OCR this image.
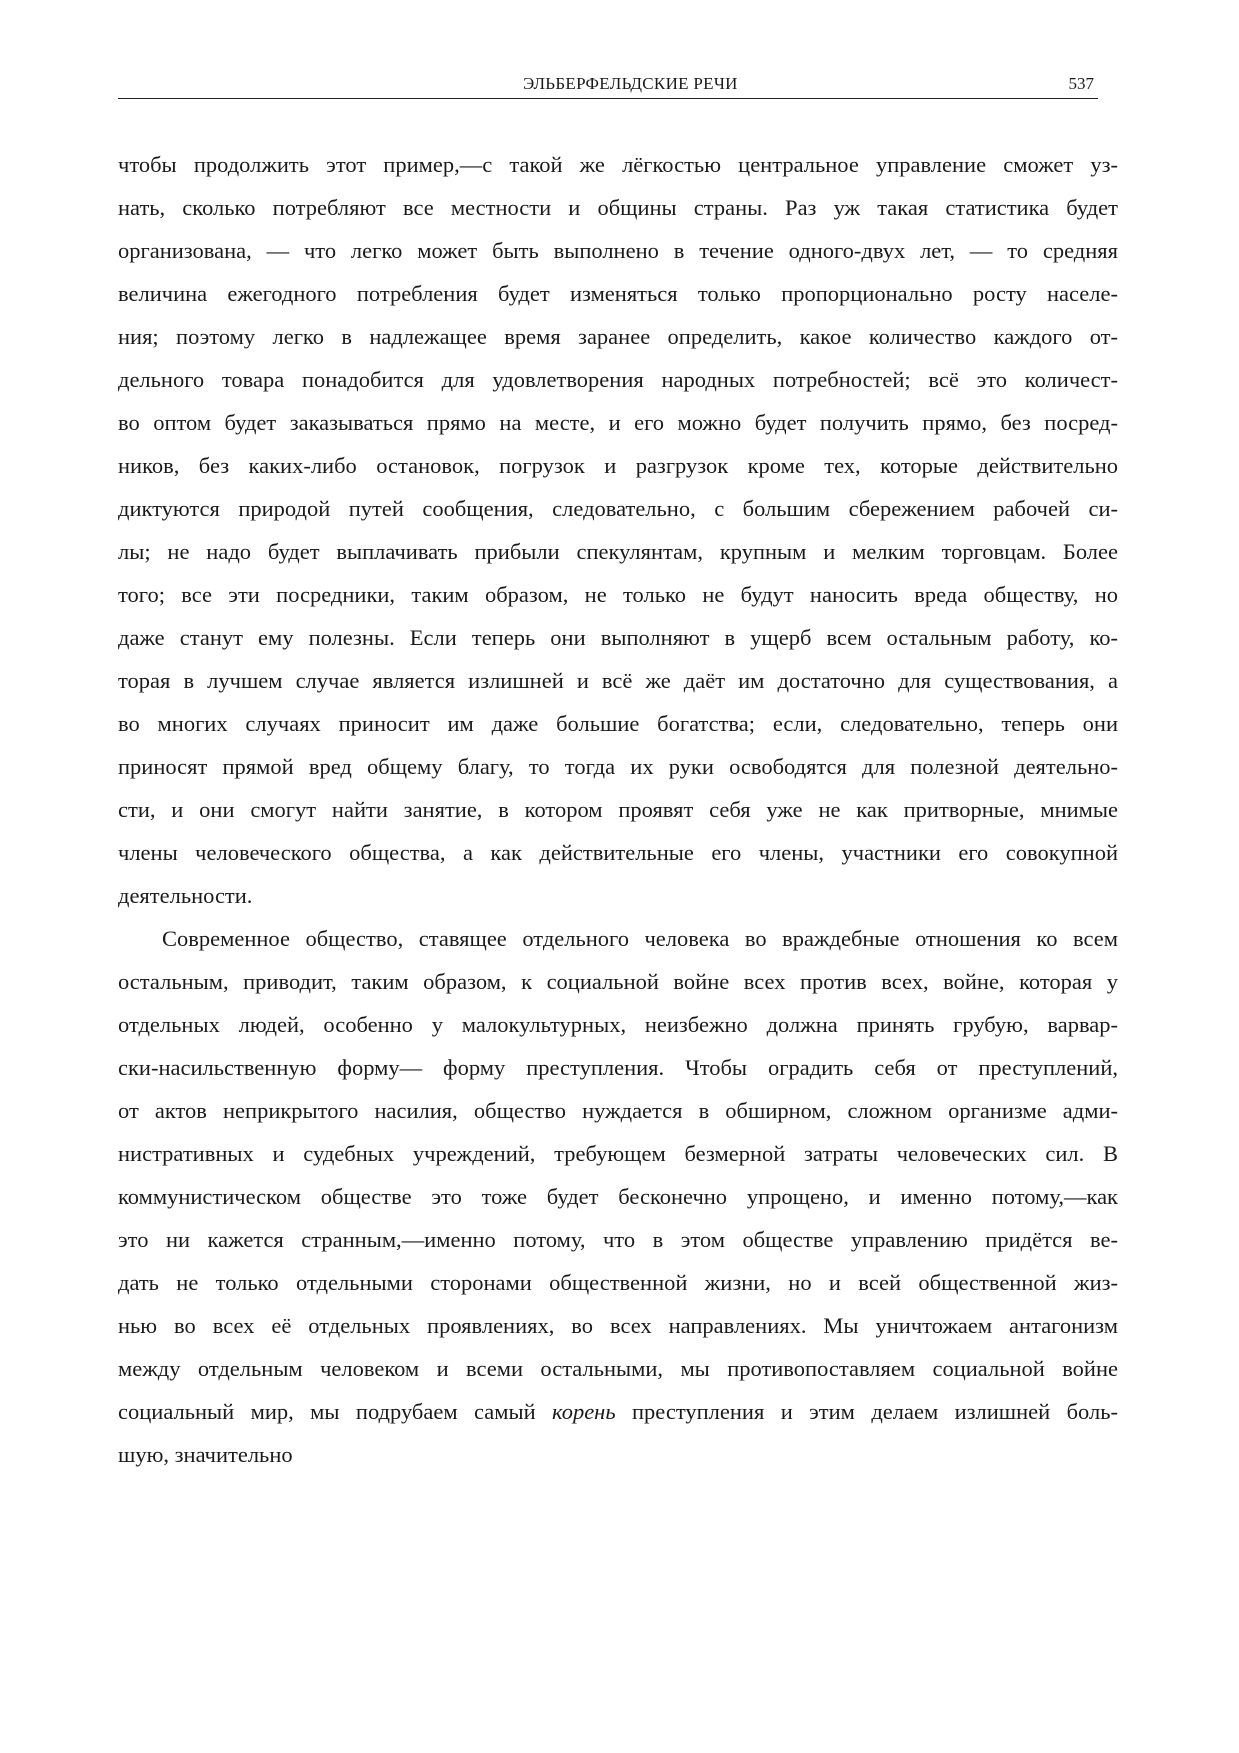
ЭЛЬБЕРФЕЛЬДСКИЕ РЕЧИ	537
чтобы продолжить этот пример,—с такой же лёгкостью центральное управление сможет уз-
нать, сколько потребляют все местности и общины страны. Раз уж такая статистика будет
организована, — что легко может быть выполнено в течение одного-двух лет, — то средняя
величина ежегодного потребления будет изменяться только пропорционально росту населе-
ния; поэтому легко в надлежащее время заранее определить, какое количество каждого от-
дельного товара понадобится для удовлетворения народных потребностей; всё это количест-
во оптом будет заказываться прямо на месте, и его можно будет получить прямо, без посред-
ников, без каких-либо остановок, погрузок и разгрузок кроме тех, которые действительно
диктуются природой путей сообщения, следовательно, с большим сбережением рабочей си-
лы; не надо будет выплачивать прибыли спекулянтам, крупным и мелким торговцам. Более
того; все эти посредники, таким образом, не только не будут наносить вреда обществу, но
даже станут ему полезны. Если теперь они выполняют в ущерб всем остальным работу, ко-
торая в лучшем случае является излишней и всё же даёт им достаточно для существования, а
во многих случаях приносит им даже большие богатства; если, следовательно, теперь они
приносят прямой вред общему благу, то тогда их руки освободятся для полезной деятельно-
сти, и они смогут найти занятие, в котором проявят себя уже не как притворные, мнимые
члены человеческого общества, а как действительные его члены, участники его совокупной
деятельности.
Современное общество, ставящее отдельного человека во враждебные отношения ко всем
остальным, приводит, таким образом, к социальной войне всех против всех, войне, которая у
отдельных людей, особенно у малокультурных, неизбежно должна принять грубую, варвар-
ски-насильственную форму— форму преступления. Чтобы оградить себя от преступлений,
от актов неприкрытого насилия, общество нуждается в обширном, сложном организме адми-
нистративных и судебных учреждений, требующем безмерной затраты человеческих сил. В
коммунистическом обществе это тоже будет бесконечно упрощено, и именно потому,—как
это ни кажется странным,—именно потому, что в этом обществе управлению придётся ве-
дать не только отдельными сторонами общественной жизни, но и всей общественной жиз-
нью во всех её отдельных проявлениях, во всех направлениях. Мы уничтожаем антагонизм
между отдельным человеком и всеми остальными, мы противопоставляем социальной войне
социальный мир, мы подрубаем самый корень преступления и этим делаем излишней боль-
шую, значительно
